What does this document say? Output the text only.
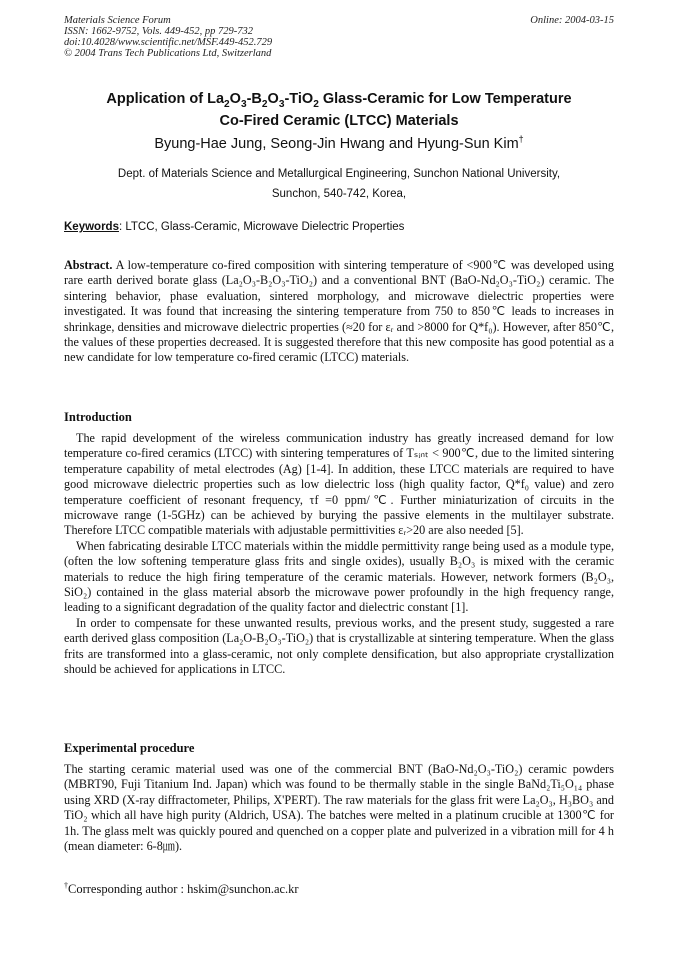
Materials Science Forum
ISSN: 1662-9752, Vols. 449-452, pp 729-732
doi:10.4028/www.scientific.net/MSF.449-452.729
© 2004 Trans Tech Publications Ltd, Switzerland
Online: 2004-03-15
Application of $La_2O_3-B_2O_3-TiO_2$ Glass-Ceramic for Low Temperature
Co-Fired Ceramic (LTCC) Materials
Byung-Hae Jung, Seong-Jin Hwang and Hyung-Sun Kim†
Dept. of Materials Science and Metallurgical Engineering, Sunchon National University,
Sunchon, 540-742, Korea,
Keywords: LTCC, Glass-Ceramic, Microwave Dielectric Properties
Abstract. A low-temperature co-fired composition with sintering temperature of <900℃ was developed using rare earth derived borate glass (La₂O₃-B₂O₃-TiO₂) and a conventional BNT (BaO-Nd₂O₃-TiO₂) ceramic. The sintering behavior, phase evaluation, sintered morphology, and microwave dielectric properties were investigated. It was found that increasing the sintering temperature from 750 to 850℃ leads to increases in shrinkage, densities and microwave dielectric properties (≈20 for εᵣ and >8000 for Q*f₀). However, after 850℃, the values of these properties decreased. It is suggested therefore that this new composite has good potential as a new candidate for low temperature co-fired ceramic (LTCC) materials.
Introduction

The rapid development of the wireless communication industry has greatly increased demand for low temperature co-fired ceramics (LTCC) with sintering temperatures of Tₛᵢₙₜ < 900℃, due to the limited sintering temperature capability of metal electrodes (Ag) [1-4]. In addition, these LTCC materials are required to have good microwave dielectric properties such as low dielectric loss (high quality factor, Q*f₀ value) and zero temperature coefficient of resonant frequency, τf =0 ppm/℃. Further miniaturization of circuits in the microwave range (1-5GHz) can be achieved by burying the passive elements in the multilayer substrate. Therefore LTCC compatible materials with adjustable permittivities εᵣ>20 are also needed [5].

When fabricating desirable LTCC materials within the middle permittivity range being used as a module type, (often the low softening temperature glass frits and single oxides), usually B₂O₃ is mixed with the ceramic materials to reduce the high firing temperature of the ceramic materials. However, network formers (B₂O₃, SiO₂) contained in the glass material absorb the microwave power profoundly in the high frequency range, leading to a significant degradation of the quality factor and dielectric constant [1].

In order to compensate for these unwanted results, previous works, and the present study, suggested a rare earth derived glass composition (La₂O-B₂O₃-TiO₂) that is crystallizable at sintering temperature. When the glass frits are transformed into a glass-ceramic, not only complete densification, but also appropriate crystallization should be achieved for applications in LTCC.

Experimental procedure
The starting ceramic material used was one of the commercial BNT (BaO-Nd₂O₃-TiO₂) ceramic powders (MBRT90, Fuji Titanium Ind. Japan) which was found to be thermally stable in the single BaNd₂Ti₅O₁₄ phase using XRD (X-ray diffractometer, Philips, X'PERT). The raw materials for the glass frit were La₂O₃, H₃BO₃ and TiO₂ which all have high purity (Aldrich, USA). The batches were melted in a platinum crucible at 1300℃ for 1h. The glass melt was quickly poured and quenched on a copper plate and pulverized in a vibration mill for 4 h (mean diameter: 6-8㎛).
†Corresponding author : hskim@sunchon.ac.kr
